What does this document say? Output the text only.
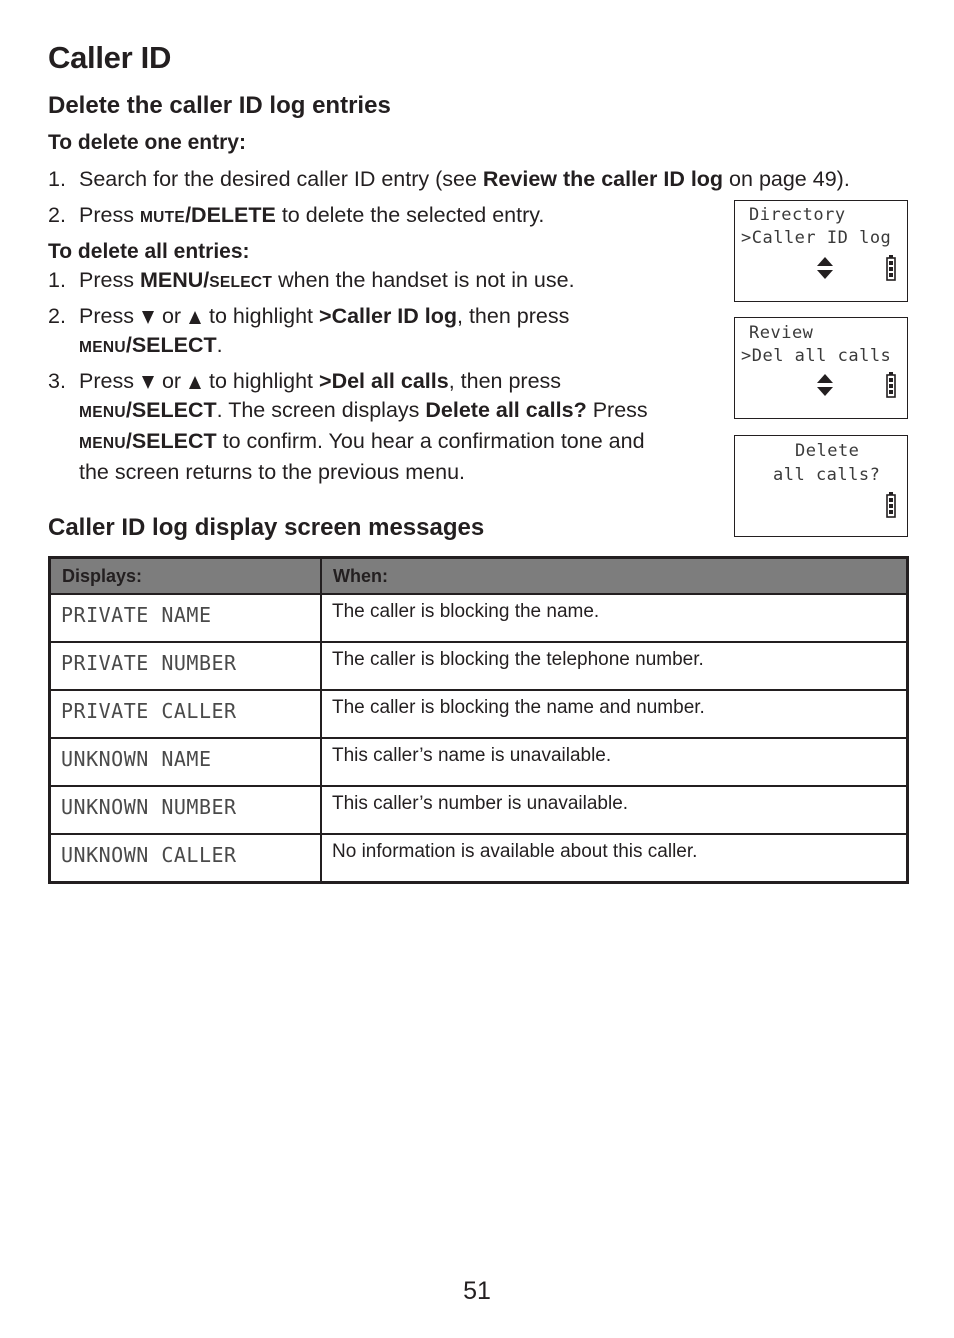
Caller ID
Delete the caller ID log entries

To delete one entry:

1. Search for the desired caller ID entry (see Review the caller ID log on page 49).
2. Press MUTE/DELETE to delete the selected entry.

To delete all entries:

1. Press MENU/SELECT when the handset is not in use.
2. Press or to highlight >Caller ID log, then press
MENU/SELECT.
3. Press or to highlight >Del all calls, then press
MENU/SELECT. The screen displays Delete all calls? Press
MENU/SELECT to confirm. You hear a confirmation tone and
the screen returns to the previous menu.
Directory
>Caller ID log
Review
>Del all calls
Delete
all calls?
Caller ID log display screen messages
Displays:	When:
PRIVATE NAME	The caller is blocking the name.
PRIVATE NUMBER	The caller is blocking the telephone number.
PRIVATE CALLER	The caller is blocking the name and number.
UNKNOWN NAME	This caller’s name is unavailable.
UNKNOWN NUMBER	This caller’s number is unavailable.
UNKNOWN CALLER	No information is available about this caller.
51
